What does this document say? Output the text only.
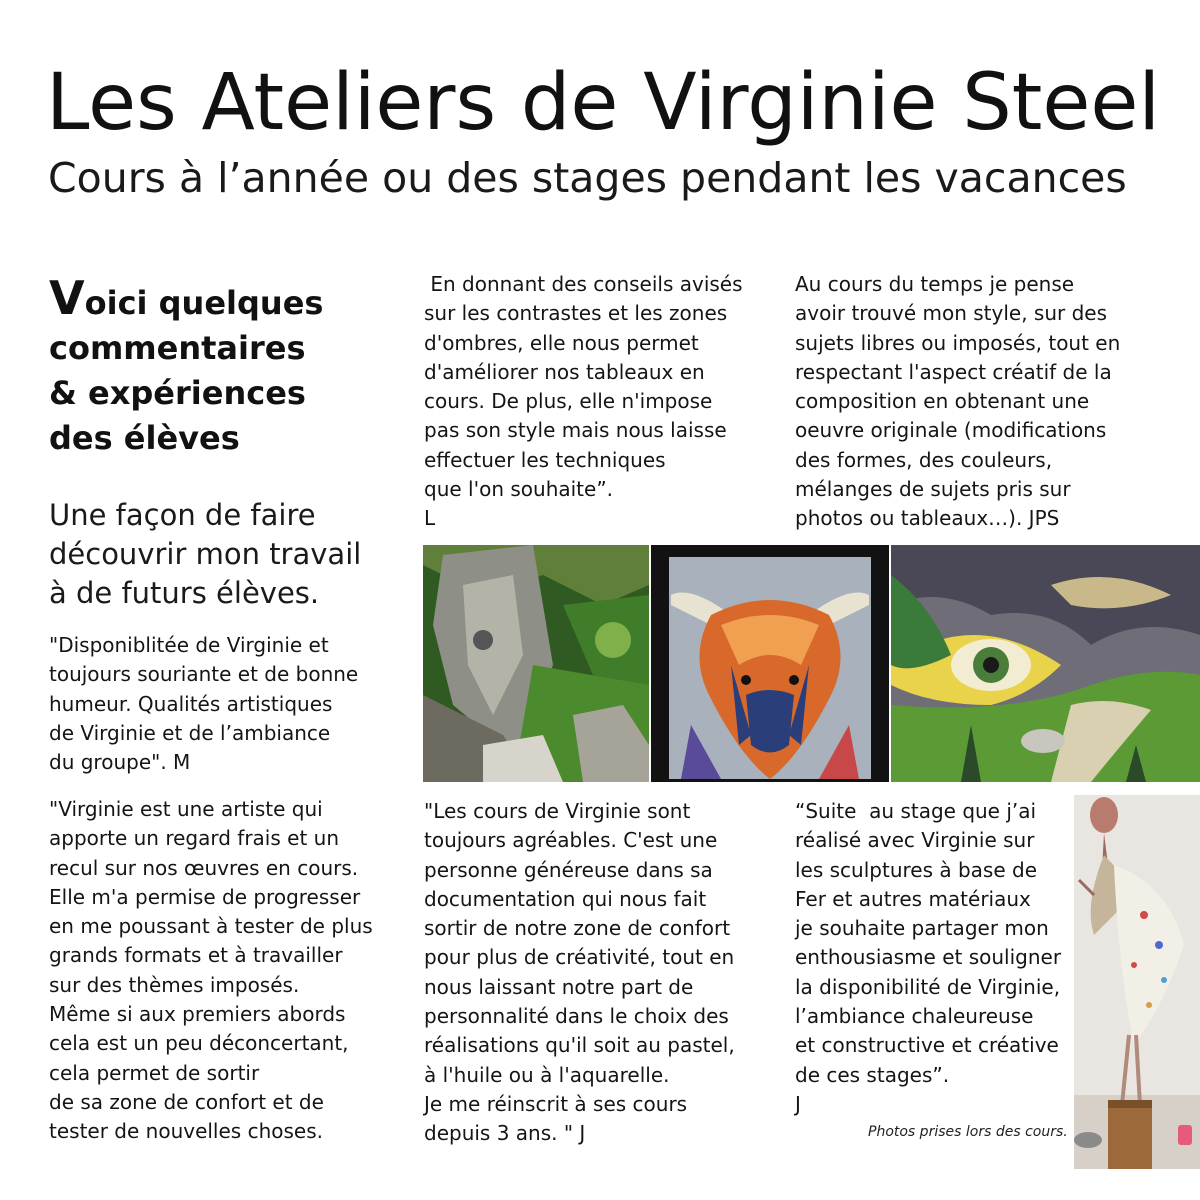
Les Ateliers de Virginie Steel
Cours à l’année ou des stages pendant les vacances
Voici quelques
commentaires
& expériences
des élèves
Une façon de faire
découvrir mon travail
à de futurs élèves.
"Disponiblitée de Virginie et
toujours souriante et de bonne
humeur. Qualités artistiques
de Virginie et de l’ambiance
du groupe". M
"Virginie est une artiste qui
apporte un regard frais et un
recul sur nos œuvres en cours.
Elle m'a permise de progresser
en me poussant à tester de plus
grands formats et à travailler
sur des thèmes imposés.
Même si aux premiers abords
cela est un peu déconcertant,
cela permet de sortir
de sa zone de confort et de
tester de nouvelles choses.
En donnant des conseils avisés
sur les contrastes et les zones
d'ombres, elle nous permet
d'améliorer nos tableaux en
cours. De plus, elle n'impose
pas son style mais nous laisse
effectuer les techniques
que l'on souhaite”.
L
Au cours du temps je pense
avoir trouvé mon style, sur des
sujets libres ou imposés, tout en
respectant l'aspect créatif de la
composition en obtenant une
oeuvre originale (modifications
des formes, des couleurs,
mélanges de sujets pris sur
photos ou tableaux…). JPS
"Les cours de Virginie sont
toujours agréables. C'est une
personne généreuse dans sa
documentation qui nous fait
sortir de notre zone de confort
pour plus de créativité, tout en
nous laissant notre part de
personnalité dans le choix des
réalisations qu'il soit au pastel,
à l'huile ou à l'aquarelle.
Je me réinscrit à ses cours
depuis 3 ans. " J
“Suite  au stage que j’ai
réalisé avec Virginie sur
les sculptures à base de
Fer et autres matériaux
je souhaite partager mon
enthousiasme et souligner
la disponibilité de Virginie,
l’ambiance chaleureuse
et constructive et créative
de ces stages”.
J
Photos prises lors des cours.
